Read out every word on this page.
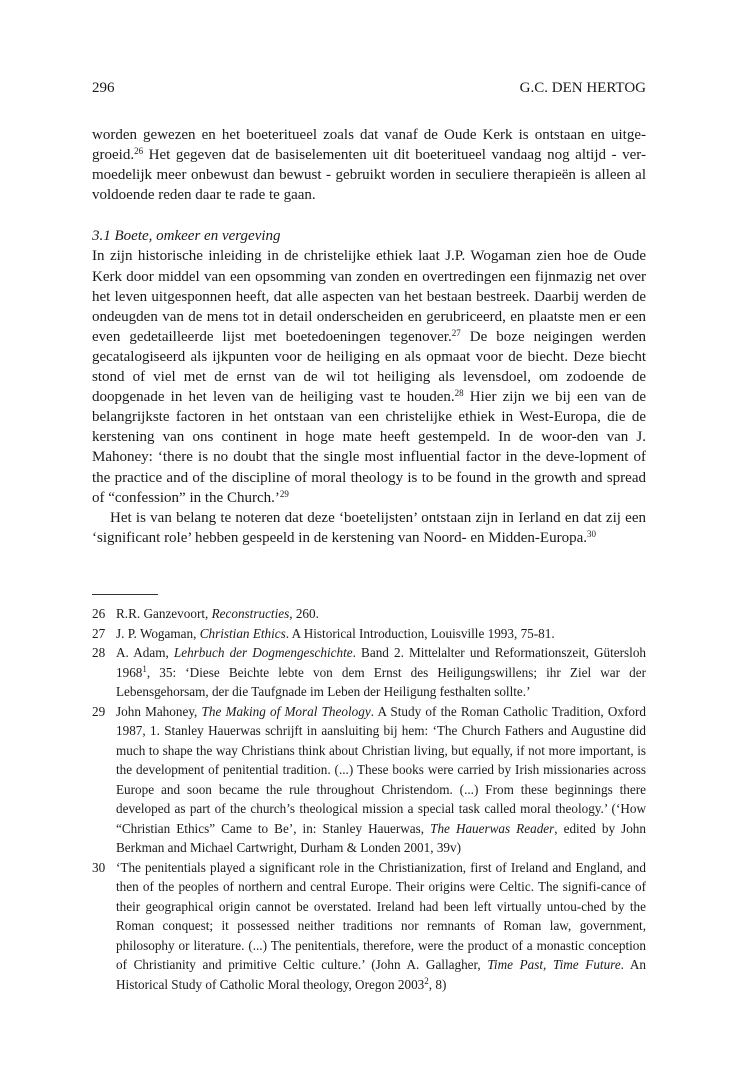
296	G.C. DEN HERTOG

worden gewezen en het boeteritueel zoals dat vanaf de Oude Kerk is ontstaan en uitge-groeid.$^{26}$ Het gegeven dat de basiselementen uit dit boeteritueel vandaag nog altijd - ver-moedelijk meer onbewust dan bewust - gebruikt worden in seculiere therapieën is alleen al voldoende reden daar te rade te gaan.

3.1 Boete, omkeer en vergeving

In zijn historische inleiding in de christelijke ethiek laat J.P. Wogaman zien hoe de Oude Kerk door middel van een opsomming van zonden en overtredingen een fijnmazig net over het leven uitgesponnen heeft, dat alle aspecten van het bestaan bestreek. Daarbij werden de ondeugden van de mens tot in detail onderscheiden en gerubriceerd, en plaatste men er een even gedetailleerde lijst met boetedoeningen tegenover.$^{27}$ De boze neigingen werden gecatalogiseerd als ijkpunten voor de heiliging en als opmaat voor de biecht. Deze biecht stond of viel met de ernst van de wil tot heiliging als levensdoel, om zodoende de doopgenade in het leven van de heiliging vast te houden.$^{28}$ Hier zijn we bij een van de belangrijkste factoren in het ontstaan van een christelijke ethiek in West-Europa, die de kerstening van ons continent in hoge mate heeft gestempeld. In de woor-den van J. Mahoney: ‘there is no doubt that the single most influential factor in the deve-lopment of the practice and of the discipline of moral theology is to be found in the growth and spread of “confession” in the Church.’$^{29}$

Het is van belang te noteren dat deze ‘boetelijsten’ ontstaan zijn in Ierland en dat zij een ‘significant role’ hebben gespeeld in de kerstening van Noord- en Midden-Europa.$^{30}$

26 R.R. Ganzevoort, Reconstructies, 260.
27 J. P. Wogaman, Christian Ethics. A Historical Introduction, Louisville 1993, 75-81.
28 A. Adam, Lehrbuch der Dogmengeschichte. Band 2. Mittelalter und Reformationszeit, Gütersloh 1968$^1$, 35: ‘Diese Beichte lebte von dem Ernst des Heiligungswillens; ihr Ziel war der Lebensgehorsam, der die Taufgnade im Leben der Heiligung festhalten sollte.’
29 John Mahoney, The Making of Moral Theology. A Study of the Roman Catholic Tradition, Oxford 1987, 1. Stanley Hauerwas schrijft in aansluiting bij hem: ‘The Church Fathers and Augustine did much to shape the way Christians think about Christian living, but equally, if not more important, is the development of penitential tradition. (...) These books were carried by Irish missionaries across Europe and soon became the rule throughout Christendom. (...) From these beginnings there developed as part of the church’s theological mission a special task called moral theology.’ (‘How “Christian Ethics” Came to Be’, in: Stanley Hauerwas, The Hauerwas Reader, edited by John Berkman and Michael Cartwright, Durham & Londen 2001, 39v)
30 ‘The penitentials played a significant role in the Christianization, first of Ireland and England, and then of the peoples of northern and central Europe. Their origins were Celtic. The signifi-cance of their geographical origin cannot be overstated. Ireland had been left virtually untou-ched by the Roman conquest; it possessed neither traditions nor remnants of Roman law, government, philosophy or literature. (...) The penitentials, therefore, were the product of a monastic conception of Christianity and primitive Celtic culture.’ (John A. Gallagher, Time Past, Time Future. An Historical Study of Catholic Moral theology, Oregon 2003$^2$, 8)
